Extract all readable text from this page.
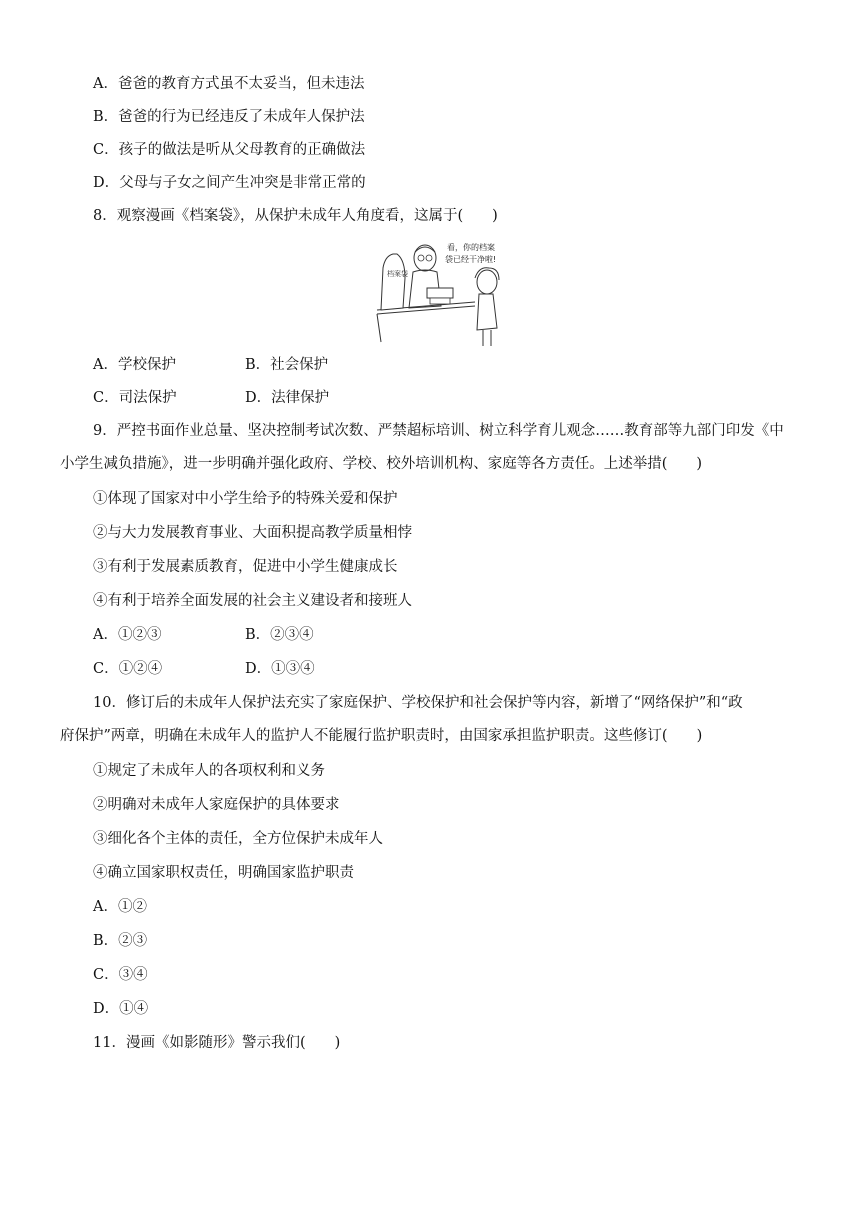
A．爸爸的教育方式虽不太妥当，但未违法
B．爸爸的行为已经违反了未成年人保护法
C．孩子的做法是听从父母教育的正确做法
D．父母与子女之间产生冲突是非常正常的
8．观察漫画《档案袋》，从保护未成年人角度看，这属于(　　)
档案袋
看，你的档案
袋已经干净啦!
A．学校保护	B．社会保护
C．司法保护	D．法律保护
9．严控书面作业总量、坚决控制考试次数、严禁超标培训、树立科学育儿观念……教育部等九部门印发《中
小学生减负措施》，进一步明确并强化政府、学校、校外培训机构、家庭等各方责任。上述举措(　　)
①体现了国家对中小学生给予的特殊关爱和保护
②与大力发展教育事业、大面积提高教学质量相悖
③有利于发展素质教育，促进中小学生健康成长
④有利于培养全面发展的社会主义建设者和接班人
A．①②③	B．②③④
C．①②④	D．①③④
10．修订后的未成年人保护法充实了家庭保护、学校保护和社会保护等内容，新增了“网络保护”和“政
府保护”两章，明确在未成年人的监护人不能履行监护职责时，由国家承担监护职责。这些修订(　　)
①规定了未成年人的各项权利和义务
②明确对未成年人家庭保护的具体要求
③细化各个主体的责任，全方位保护未成年人
④确立国家职权责任，明确国家监护职责
A．①②
B．②③
C．③④
D．①④
11．漫画《如影随形》警示我们(　　)
